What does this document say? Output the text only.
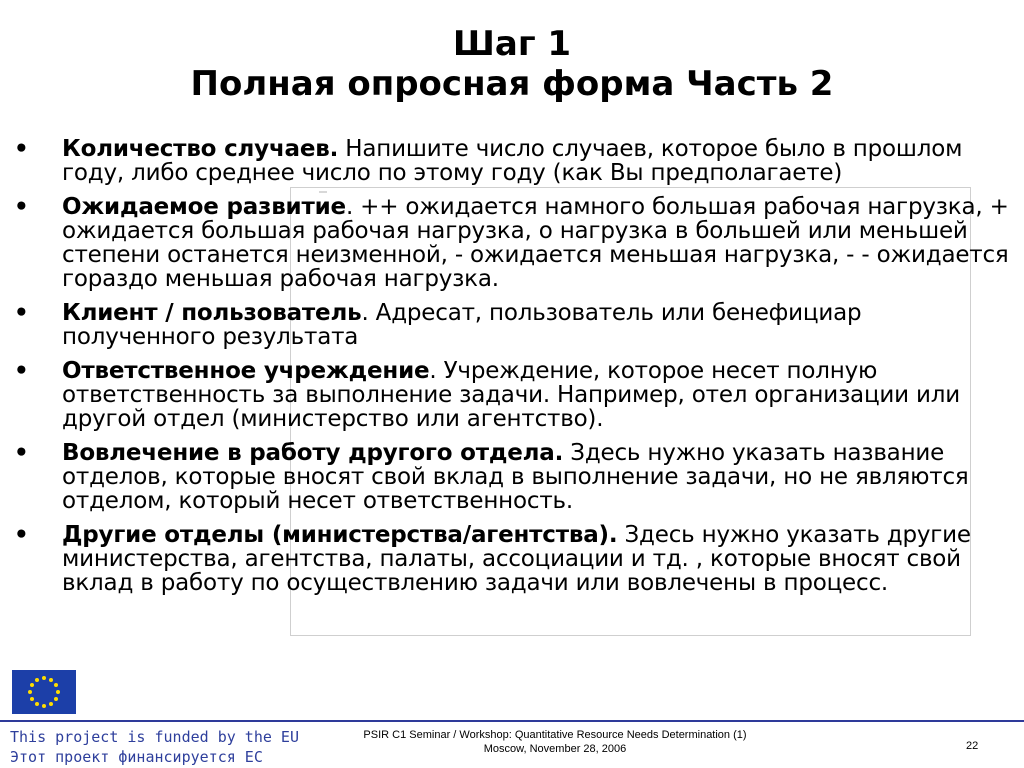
Шаг 1
Полная опросная форма Часть 2
• Количество случаев. Напишите число случаев, которое было в прошлом году, либо среднее число по этому году (как Вы предполагаете)
• Ожидаемое развитие. ++ ожидается намного большая рабочая нагрузка, + ожидается большая рабочая нагрузка, о нагрузка в большей или меньшей степени останется неизменной, - ожидается меньшая нагрузка, - - ожидается гораздо меньшая рабочая нагрузка.
• Клиент / пользователь. Адресат, пользователь или бенефициар полученного результата
• Ответственное учреждение. Учреждение, которое несет полную ответственность за выполнение задачи. Например, отел организации или другой отдел (министерство или агентство).
• Вовлечение в работу другого отдела. Здесь нужно указать название отделов, которые вносят свой вклад в выполнение задачи, но не являются отделом, который несет ответственность.
• Другие отделы (министерства/агентства). Здесь нужно указать другие министерства, агентства, палаты, ассоциации и тд. , которые вносят свой вклад в работу по осуществлению задачи или вовлечены в процесс.
This project is funded by the EU
Этот проект финансируется ЕС
PSIR C1 Seminar / Workshop: Quantitative Resource Needs Determination (1)
Moscow, November 28, 2006	22
